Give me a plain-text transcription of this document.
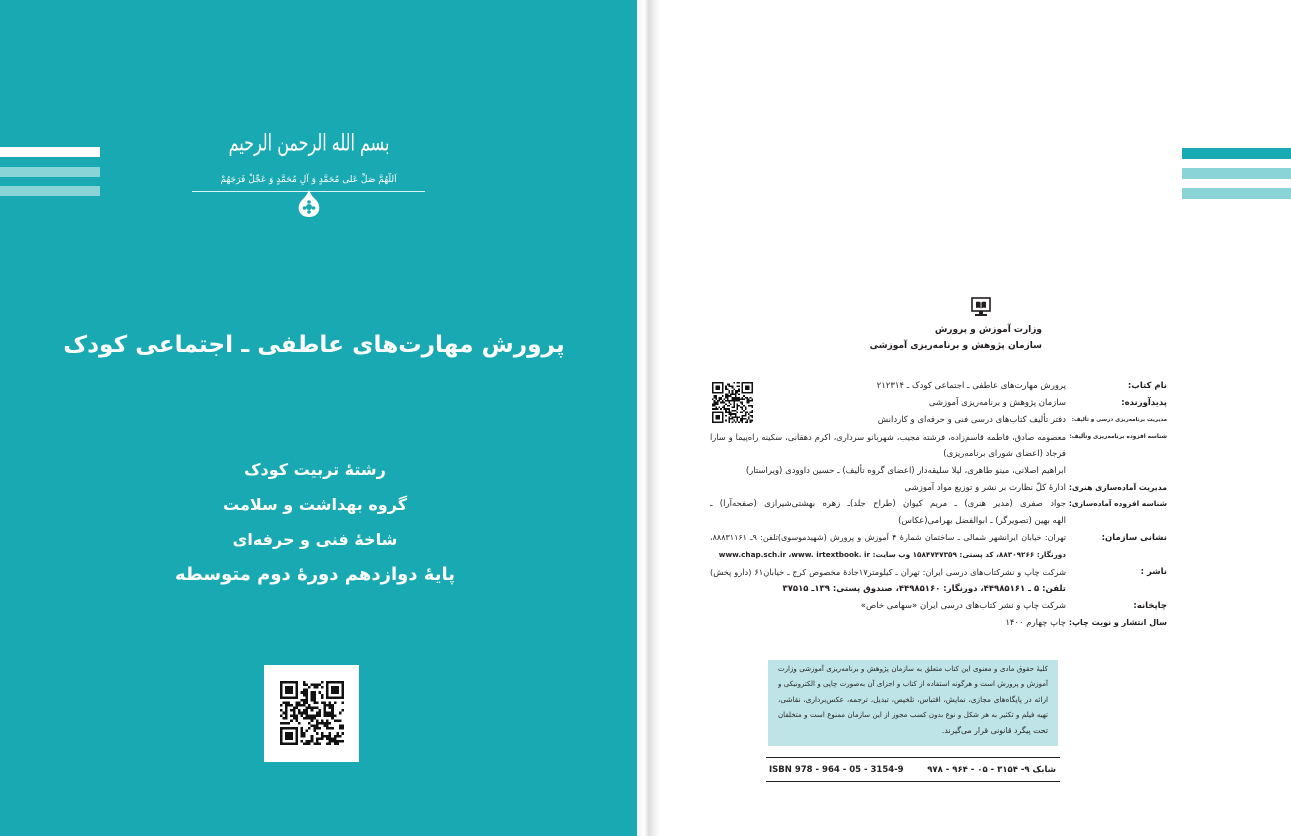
بسم الله الرحمن الرحیم
اَللّهُمَّ صَلِّ عَلی مُحَمَّدٍ وَ آلِ مُحَمَّدٍ وَ عَجِّلْ فَرَجَهُمْ
پرورش مهارت‌های عاطفی ـ اجتماعی کودک
رشتهٔ تربیت کودک
گروه بهداشت و سلامت
شاخهٔ فنی و حرفه‌ای
پایهٔ دوازدهم دورهٔ دوم متوسطه
وزارت آموزش و پرورش
سازمان پژوهش و برنامه‌ریزی آموزشی
نام کتاب:
پرورش مهارت‌های عاطفی ـ اجتماعی کودک ـ ۲۱۲۳۱۴
پدیدآورنده:
سازمان پژوهش و برنامه‌ریزی آموزشی
مدیریت برنامه‌ریزی درسی و تألیف:
دفتر تألیف کتاب‌های درسی فنی و حرفه‌ای و کاردانش
شناسه افزوده برنامه‌ریزی وتألیف:
معصومه صادق، فاطمه قاسم‌زاده، فرشته مجیب، شهربانو سرداری، اکرم دهقانی، سکینه راه‌پیما و سارا
فرجاد (اعضای شورای برنامه‌ریزی)
ابراهیم اصلانی، مینو طاهری، لیلا سلیقه‌دار (اعضای گروه تألیف) ـ حسین داوودی (ویراستار)
مدیریت آماده‌سازی هنری:
ادارهٔ کلّ نظارت بر نشر و توزیع مواد آموزشی
شناسه افزوده آماده‌سازی:
جواد صفری (مدیر هنری) ـ مریم کیوان (طراح جلد)ـ زهره بهشتی‌شیرازی (صفحه‌آرا) ـ
الهه بهین (تصویرگر) ـ ابوالفضل بهرامی(عکاس)
نشانی سازمان:
تهران: خیابان ایرانشهر شمالی ـ ساختمان شمارهٔ ۴ آموزش و پرورش (شهیدموسوی)تلفن: ۹ـ ۸۸۸۳۱۱۶۱،
دورنگار: ۸۸۳۰۹۲۶۶، کد پستی: ۱۵۸۴۷۴۷۳۵۹ وب سایت: www.chap.sch.ir ،www. irtextbook. ir
ناشر :
شرکت چاپ و نشرکتاب‌های درسی ایران: تهران ـ کیلومتر۱۷جادهٔ مخصوص کرج ـ خیابان۶۱ (دارو پخش)
تلفن: ۵ ـ ۴۴۹۸۵۱۶۱، دورنگار: ۴۴۹۸۵۱۶۰، صندوق پستی: ۱۳۹ـ ۳۷۵۱۵
چاپخانه:
شرکت چاپ و نشر کتاب‌های درسی ایران «سهامی خاص»
سال انتشار و نوبت چاپ:
چاپ چهارم ۱۴۰۰
کلیهٔ حقوق مادی و معنوی این کتاب متعلق به سازمان پژوهش و برنامه‌ریزی آموزشی وزارت
آموزش و پرورش است و هرگونه استفاده از کتاب و اجزای آن به‌صورت چاپی و الکترونیکی و
ارائه در پایگاه‌های مجازی، نمایش، اقتباس، تلخیص، تبدیل، ترجمه، عکس‌برداری، نقاشی،
تهیه فیلم و تکثیر به هر شکل و نوع بدون کسب مجوز از این سازمان ممنوع است و متخلفان
تحت پیگرد قانونی قرار می‌گیرند.
شابک ۹- ۳۱۵۴ - ۰۵ - ۹۶۴ - ۹۷۸
ISBN 978 - 964 - 05 - 3154-9
